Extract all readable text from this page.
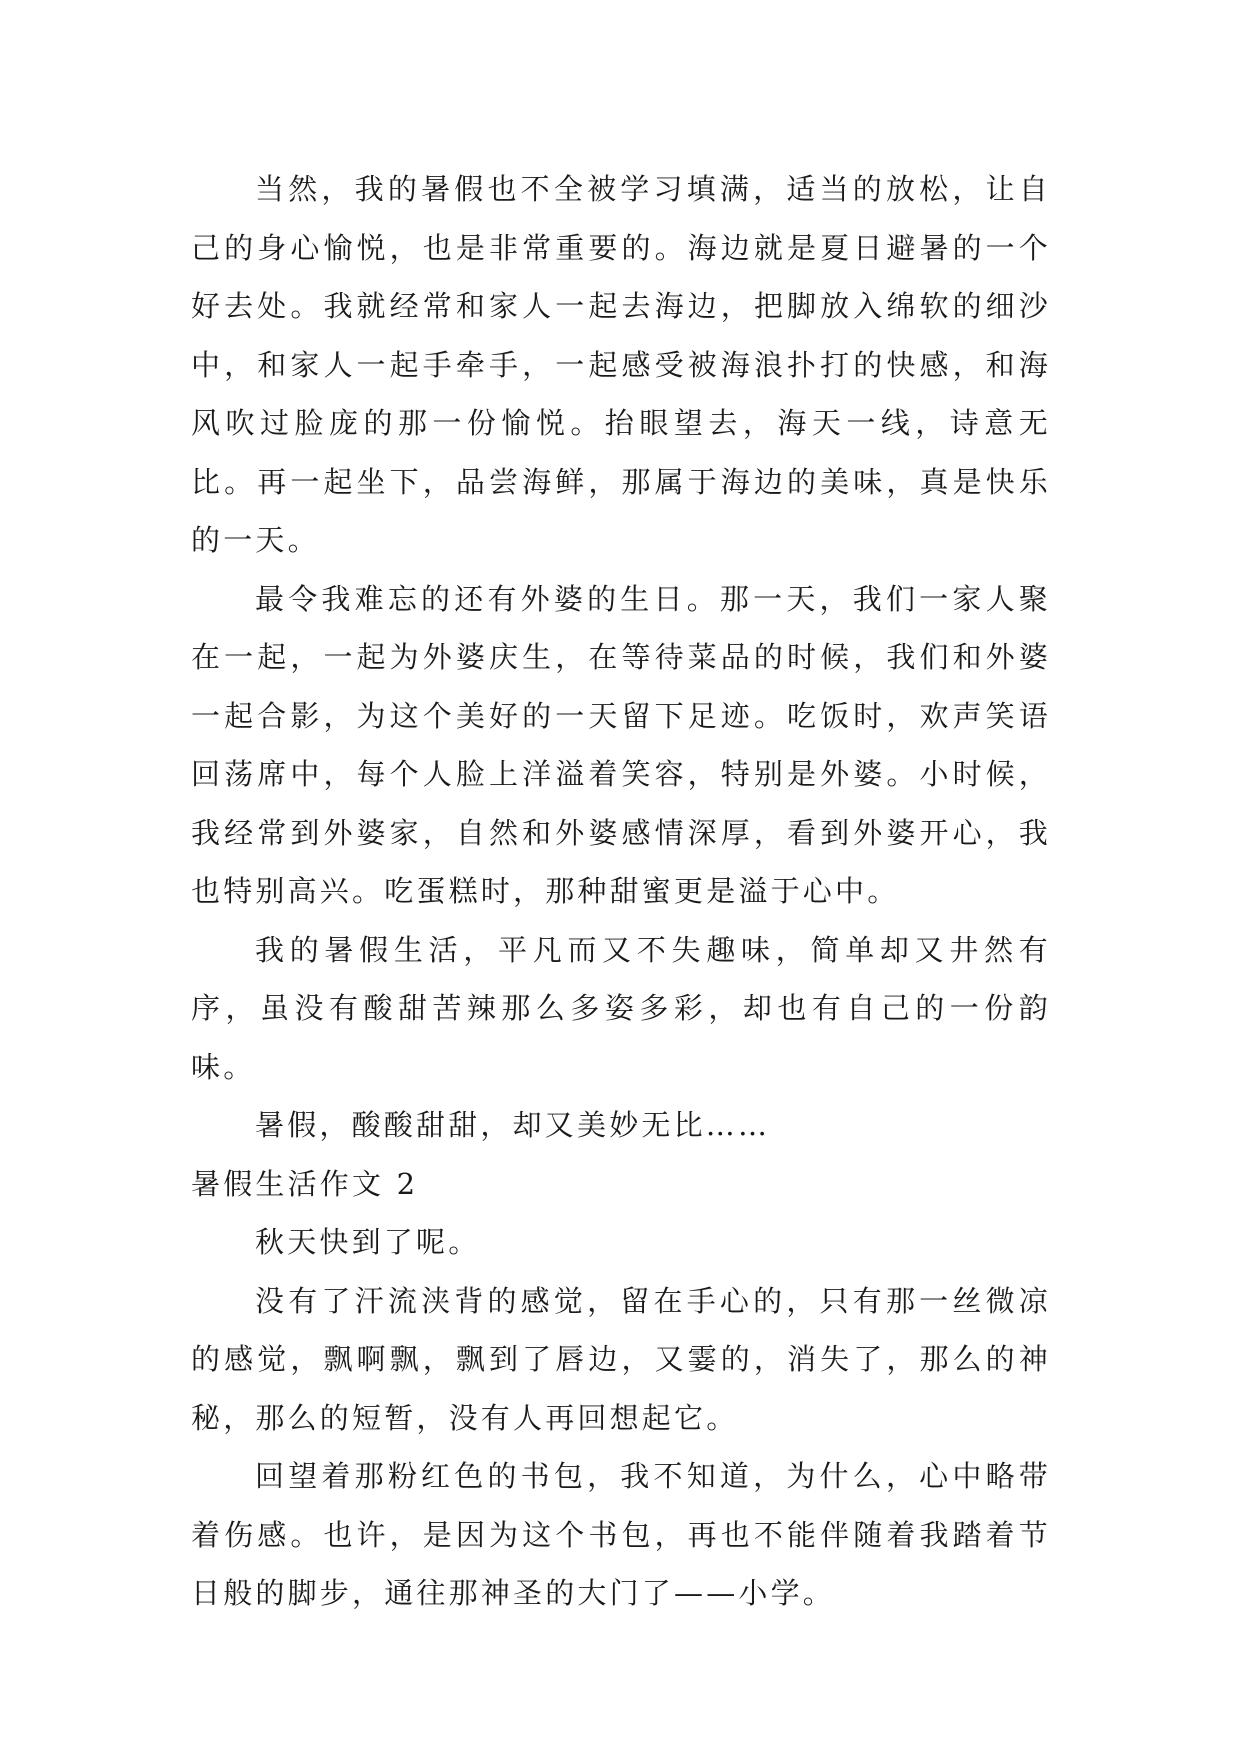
当然，我的暑假也不全被学习填满，适当的放松，让自己的身心愉悦，也是非常重要的。海边就是夏日避暑的一个好去处。我就经常和家人一起去海边，把脚放入绵软的细沙中，和家人一起手牵手，一起感受被海浪扑打的快感，和海风吹过脸庞的那一份愉悦。抬眼望去，海天一线，诗意无比。再一起坐下，品尝海鲜，那属于海边的美味，真是快乐的一天。

最令我难忘的还有外婆的生日。那一天，我们一家人聚在一起，一起为外婆庆生，在等待菜品的时候，我们和外婆一起合影，为这个美好的一天留下足迹。吃饭时，欢声笑语回荡席中，每个人脸上洋溢着笑容，特别是外婆。小时候，我经常到外婆家，自然和外婆感情深厚，看到外婆开心，我也特别高兴。吃蛋糕时，那种甜蜜更是溢于心中。

我的暑假生活，平凡而又不失趣味，简单却又井然有序，虽没有酸甜苦辣那么多姿多彩，却也有自己的一份韵味。

暑假，酸酸甜甜，却又美妙无比……

暑假生活作文 2

秋天快到了呢。

没有了汗流浃背的感觉，留在手心的，只有那一丝微凉的感觉，飘啊飘，飘到了唇边，又霎的，消失了，那么的神秘，那么的短暂，没有人再回想起它。

回望着那粉红色的书包，我不知道，为什么，心中略带着伤感。也许，是因为这个书包，再也不能伴随着我踏着节日般的脚步，通往那神圣的大门了——小学。
